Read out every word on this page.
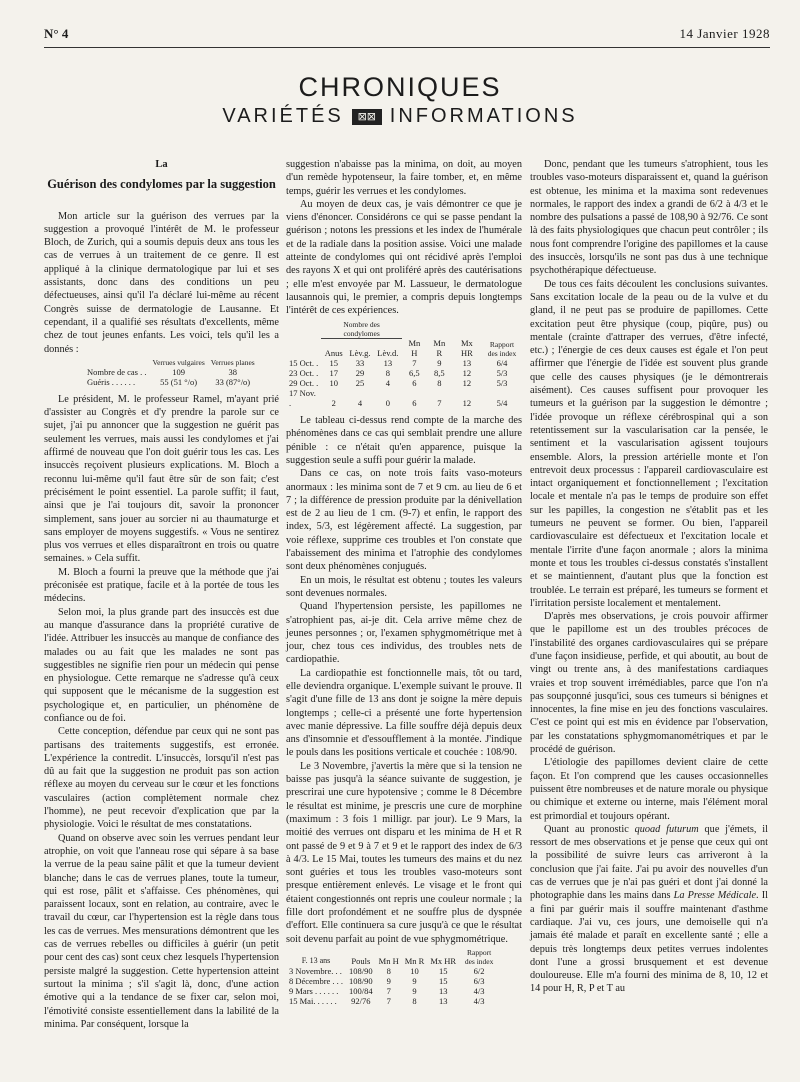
N° 4	14 Janvier 1928
CHRONIQUES
VARIÉTÉS ⊠⊠ INFORMATIONS
La
Guérison des condylomes par la suggestion

Mon article sur la guérison des verrues par la suggestion a provoqué l'intérêt de M. le professeur Bloch, de Zurich, qui a soumis depuis deux ans tous les cas de verrues à un traitement de ce genre. Il est appliqué à la clinique dermatologique par lui et ses assistants, donc dans des conditions un peu défectueuses, ainsi qu'il l'a déclaré lui-même au récent Congrès suisse de dermatologie de Lausanne. Et cependant, il a qualifié ses résultats d'excellents, même chez de tout jeunes enfants. Les voici, tels qu'il les a donnés :

	Verrues vulgaires	Verrues planes
Nombre de cas . .	109	38
Guéris . . . . . .	55 (51 °/o)	33 (87°/o)

Le président, M. le professeur Ramel, m'ayant prié d'assister au Congrès et d'y prendre la parole sur ce sujet, j'ai pu annoncer que la suggestion ne guérit pas seulement les verrues, mais aussi les condylomes et j'ai affirmé de nouveau que l'on doit guérir tous les cas. Les insuccès reçoivent plusieurs explications. M. Bloch a reconnu lui-même qu'il faut être sûr de son fait; c'est précisément le point essentiel. La parole suffit; il faut, ainsi que je l'ai toujours dit, savoir la prononcer simplement, sans jouer au sorcier ni au thaumaturge et sans employer de moyens suggestifs. « Vous ne sentirez plus vos verrues et elles disparaîtront en trois ou quatre semaines. » Cela suffit.

M. Bloch a fourni la preuve que la méthode que j'ai préconisée est pratique, facile et à la portée de tous les médecins.

Selon moi, la plus grande part des insuccès est due au manque d'assurance dans la propriété curative de l'idée. Attribuer les insuccès au manque de confiance des malades ou au fait que les malades ne sont pas suggestibles ne signifie rien pour un médecin qui pense en physiologue. Cette remarque ne s'adresse qu'à ceux qui supposent que le mécanisme de la suggestion est psychologique et, en particulier, un phénomène de confiance ou de foi.

Cette conception, défendue par ceux qui ne sont pas partisans des traitements suggestifs, est erronée. L'expérience la contredit. L'insuccès, lorsqu'il n'est pas dû au fait que la suggestion ne produit pas son action réflexe au moyen du cerveau sur le cœur et les fonctions vasculaires (action complètement normale chez l'homme), ne peut recevoir d'explication que par la physiologie. Voici le résultat de mes constatations.

Quand on observe avec soin les verrues pendant leur atrophie, on voit que l'anneau rose qui sépare à sa base la verrue de la peau saine pâlit et que la tumeur devient blanche; dans le cas de verrues planes, toute la tumeur, qui est rose, pâlit et s'affaisse. Ces phénomènes, qui paraissent locaux, sont en relation, au contraire, avec le travail du cœur, car l'hypertension est la règle dans tous les cas de verrues. Mes mensurations démontrent que les cas de verrues rebelles ou difficiles à guérir (un petit pour cent des cas) sont ceux chez lesquels l'hypertension persiste malgré la suggestion. Cette hypertension atteint surtout la minima ; s'il s'agit là, donc, d'une action émotive qui a la tendance de se fixer car, selon moi, l'émotivité consiste essentiellement dans la labilité de la minima. Par conséquent, lorsque la

suggestion n'abaisse pas la minima, on doit, au moyen d'un remède hypotenseur, la faire tomber, et, en même temps, guérir les verrues et les condylomes.

Au moyen de deux cas, je vais démontrer ce que je viens d'énoncer. Considérons ce qui se passe pendant la guérison ; notons les pressions et les index de l'humérale et de la radiale dans la position assise. Voici une malade atteinte de condylomes qui ont récidivé après l'emploi des rayons X et qui ont proliféré après des cautérisations ; elle m'est envoyée par M. Lassueur, le dermatologue lausannois qui, le premier, a compris depuis longtemps l'intérêt de ces expériences.

	Nombre des condylomes						
	Anus	Lèv.g.	Lèv.d.	Mn H	Mn R	Mx HR	Rapport des index
15 Oct. .	15	33	13	7	9	13	6/4
23 Oct. .	17	29	8	6,5	8,5	12	5/3
29 Oct. .	10	25	4	6	8	12	5/3
17 Nov. .	2	4	0	6	7	12	5/4

Le tableau ci-dessus rend compte de la marche des phénomènes dans ce cas qui semblait prendre une allure pénible : ce n'était qu'en apparence, puisque la suggestion seule a suffi pour guérir la malade.

Dans ce cas, on note trois faits vaso-moteurs anormaux : les minima sont de 7 et 9 cm. au lieu de 6 et 7 ; la différence de pression produite par la dénivellation est de 2 au lieu de 1 cm. (9-7) et enfin, le rapport des index, 5/3, est légèrement affecté. La suggestion, par voie réflexe, supprime ces troubles et l'on constate que l'abaissement des minima et l'atrophie des condylomes sont deux phénomènes conjugués.

En un mois, le résultat est obtenu ; toutes les valeurs sont devenues normales.

Quand l'hypertension persiste, les papillomes ne s'atrophient pas, ai-je dit. Cela arrive même chez de jeunes personnes ; or, l'examen sphygmométrique met à jour, chez tous ces individus, des troubles nets de cardiopathie.

La cardiopathie est fonctionnelle mais, tôt ou tard, elle deviendra organique. L'exemple suivant le prouve. Il s'agit d'une fille de 13 ans dont je soigne la mère depuis longtemps ; celle-ci a présenté une forte hypertension avec manie dépressive. La fille souffre déjà depuis deux ans d'insomnie et d'essoufflement à la montée. J'indique le pouls dans les positions verticale et couchée : 108/90.

Le 3 Novembre, j'avertis la mère que si la tension ne baisse pas jusqu'à la séance suivante de suggestion, je prescrirai une cure hypotensive ; comme le 8 Décembre le résultat est minime, je prescris une cure de morphine (maximum : 3 fois 1 milligr. par jour). Le 9 Mars, la moitié des verrues ont disparu et les minima de H et R ont passé de 9 et 9 à 7 et 9 et le rapport des index de 6/3 à 4/3. Le 15 Mai, toutes les tumeurs des mains et du nez sont guéries et tous les troubles vaso-moteurs sont presque entièrement enlevés. Le visage et le front qui étaient congestionnés ont repris une couleur normale ; la fille dort profondément et ne souffre plus de dyspnée d'effort. Elle continuera sa cure jusqu'à ce que le résultat soit devenu parfait au point de vue sphygmométrique.

F. 13 ans	Pouls	Mn H	Mn R	Mx HR	Rapport des index
3 Novembre. . .	108/90	8	10	15	6/2
8 Décembre . . .	108/90	9	9	15	6/3
9 Mars . . . . . .	100/84	7	9	13	4/3
15 Mai. . . . . .	92/76	7	8	13	4/3

Donc, pendant que les tumeurs s'atrophient, tous les troubles vaso-moteurs disparaissent et, quand la guérison est obtenue, les minima et la maxima sont redevenues normales, le rapport des index a grandi de 6/2 à 4/3 et le nombre des pulsations a passé de 108,90 à 92/76. Ce sont là des faits physiologiques que chacun peut contrôler ; ils nous font comprendre l'origine des papillomes et la cause des insuccès, lorsqu'ils ne sont pas dus à une technique psychothérapique défectueuse.

De tous ces faits découlent les conclusions suivantes. Sans excitation locale de la peau ou de la vulve et du gland, il ne peut pas se produire de papillomes. Cette excitation peut être physique (coup, piqûre, pus) ou mentale (crainte d'attraper des verrues, d'être infecté, etc.) ; l'énergie de ces deux causes est égale et l'on peut affirmer que l'énergie de l'idée est souvent plus grande que celle des causes physiques (je le démontrerais aisément). Ces causes suffisent pour provoquer les tumeurs et la guérison par la suggestion le démontre ; l'idée provoque un réflexe cérébrospinal qui a son retentissement sur la vascularisation car la pensée, le sentiment et la vascularisation agissent toujours ensemble. Alors, la pression artérielle monte et l'on entrevoit deux processus : l'appareil cardiovasculaire est intact organiquement et fonctionnellement ; l'excitation locale et mentale n'a pas le temps de produire son effet sur les papilles, la congestion ne s'établit pas et les tumeurs ne peuvent se former. Ou bien, l'appareil cardiovasculaire est défectueux et l'excitation locale et mentale l'irrite d'une façon anormale ; alors la minima monte et tous les troubles ci-dessus constatés s'installent et se maintiennent, d'autant plus que la fonction est troublée. Le terrain est préparé, les tumeurs se forment et l'irritation persiste localement et mentalement.

D'après mes observations, je crois pouvoir affirmer que le papillome est un des troubles précoces de l'instabilité des organes cardiovasculaires qui se prépare d'une façon insidieuse, perfide, et qui aboutit, au bout de vingt ou trente ans, à des manifestations cardiaques vraies et trop souvent irrémédiables, parce que l'on n'a pas soupçonné jusqu'ici, sous ces tumeurs si bénignes et innocentes, la fine mise en jeu des fonctions vasculaires. C'est ce point qui est mis en évidence par l'observation, par les constatations sphygmomanométriques et par le procédé de guérison.

L'étiologie des papillomes devient claire de cette façon. Et l'on comprend que les causes occasionnelles puissent être nombreuses et de nature morale ou physique ou chimique et externe ou interne, mais l'élément moral est primordial et toujours opérant.

Quant au pronostic quoad futurum que j'émets, il ressort de mes observations et je pense que ceux qui ont la possibilité de suivre leurs cas arriveront à la conclusion que j'ai faite. J'ai pu avoir des nouvelles d'un cas de verrues que je n'ai pas guéri et dont j'ai donné la photographie dans les mains dans La Presse Médicale. Il a fini par guérir mais il souffre maintenant d'asthme cardiaque. J'ai vu, ces jours, une demoiselle qui n'a jamais été malade et paraît en excellente santé ; elle a depuis très longtemps deux petites verrues indolentes dont l'une a grossi brusquement et est devenue douloureuse. Elle m'a fourni des minima de 8, 10, 12 et 14 pour H, R, P et T au
